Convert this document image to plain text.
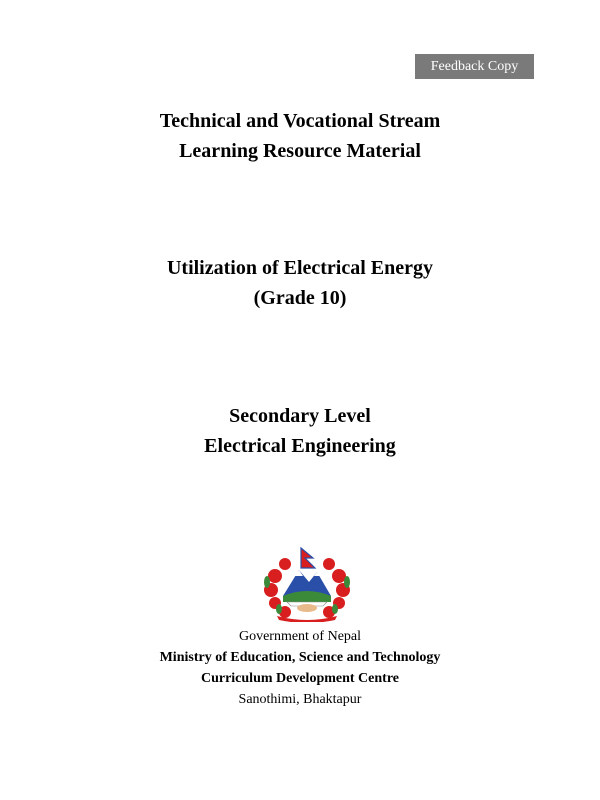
Feedback Copy

Technical and Vocational Stream

Learning Resource Material

Utilization of Electrical Energy

(Grade 10)

Secondary Level

Electrical Engineering

Government of Nepal

Ministry of Education, Science and Technology

Curriculum Development Centre

Sanothimi, Bhaktapur
